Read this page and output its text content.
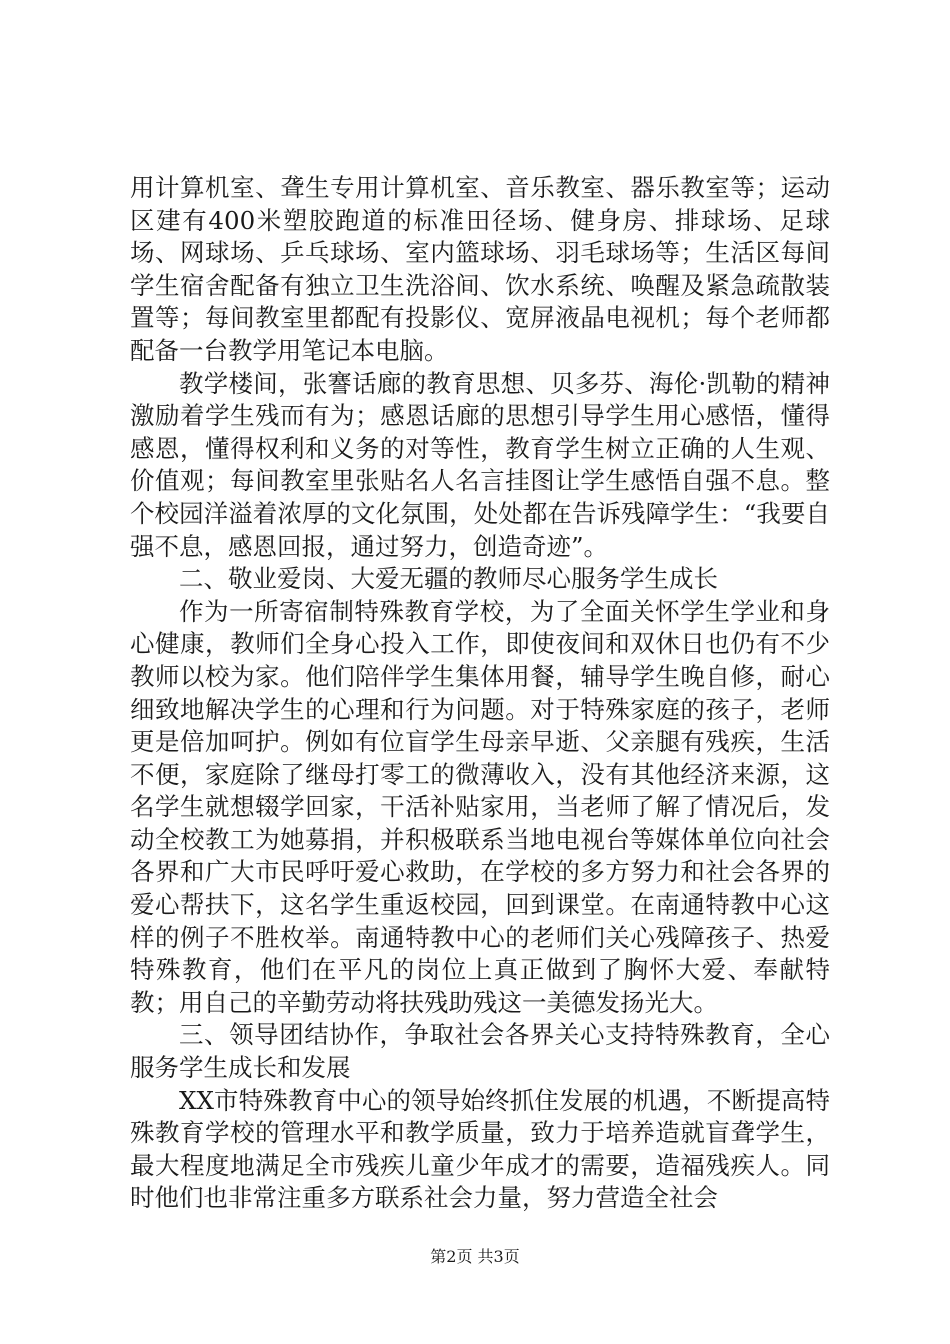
用计算机室、聋生专用计算机室、音乐教室、器乐教室等；运动区建有400米塑胶跑道的标准田径场、健身房、排球场、足球场、网球场、乒乓球场、室内篮球场、羽毛球场等；生活区每间学生宿舍配备有独立卫生洗浴间、饮水系统、唤醒及紧急疏散装置等；每间教室里都配有投影仪、宽屏液晶电视机；每个老师都配备一台教学用笔记本电脑。

教学楼间，张謇话廊的教育思想、贝多芬、海伦·凯勒的精神激励着学生残而有为；感恩话廊的思想引导学生用心感悟，懂得感恩，懂得权利和义务的对等性，教育学生树立正确的人生观、价值观；每间教室里张贴名人名言挂图让学生感悟自强不息。整个校园洋溢着浓厚的文化氛围，处处都在告诉残障学生：“我要自强不息，感恩回报，通过努力，创造奇迹”。

二、敬业爱岗、大爱无疆的教师尽心服务学生成长

作为一所寄宿制特殊教育学校，为了全面关怀学生学业和身心健康，教师们全身心投入工作，即使夜间和双休日也仍有不少教师以校为家。他们陪伴学生集体用餐，辅导学生晚自修，耐心细致地解决学生的心理和行为问题。对于特殊家庭的孩子，老师更是倍加呵护。例如有位盲学生母亲早逝、父亲腿有残疾，生活不便，家庭除了继母打零工的微薄收入，没有其他经济来源，这名学生就想辍学回家，干活补贴家用，当老师了解了情况后，发动全校教工为她募捐，并积极联系当地电视台等媒体单位向社会各界和广大市民呼吁爱心救助，在学校的多方努力和社会各界的爱心帮扶下，这名学生重返校园，回到课堂。在南通特教中心这样的例子不胜枚举。南通特教中心的老师们关心残障孩子、热爱特殊教育，他们在平凡的岗位上真正做到了胸怀大爱、奉献特教；用自己的辛勤劳动将扶残助残这一美德发扬光大。

三、领导团结协作，争取社会各界关心支持特殊教育，全心服务学生成长和发展

XX市特殊教育中心的领导始终抓住发展的机遇，不断提高特殊教育学校的管理水平和教学质量，致力于培养造就盲聋学生，最大程度地满足全市残疾儿童少年成才的需要，造福残疾人。同时他们也非常注重多方联系社会力量，努力营造全社会

第2页 共3页
